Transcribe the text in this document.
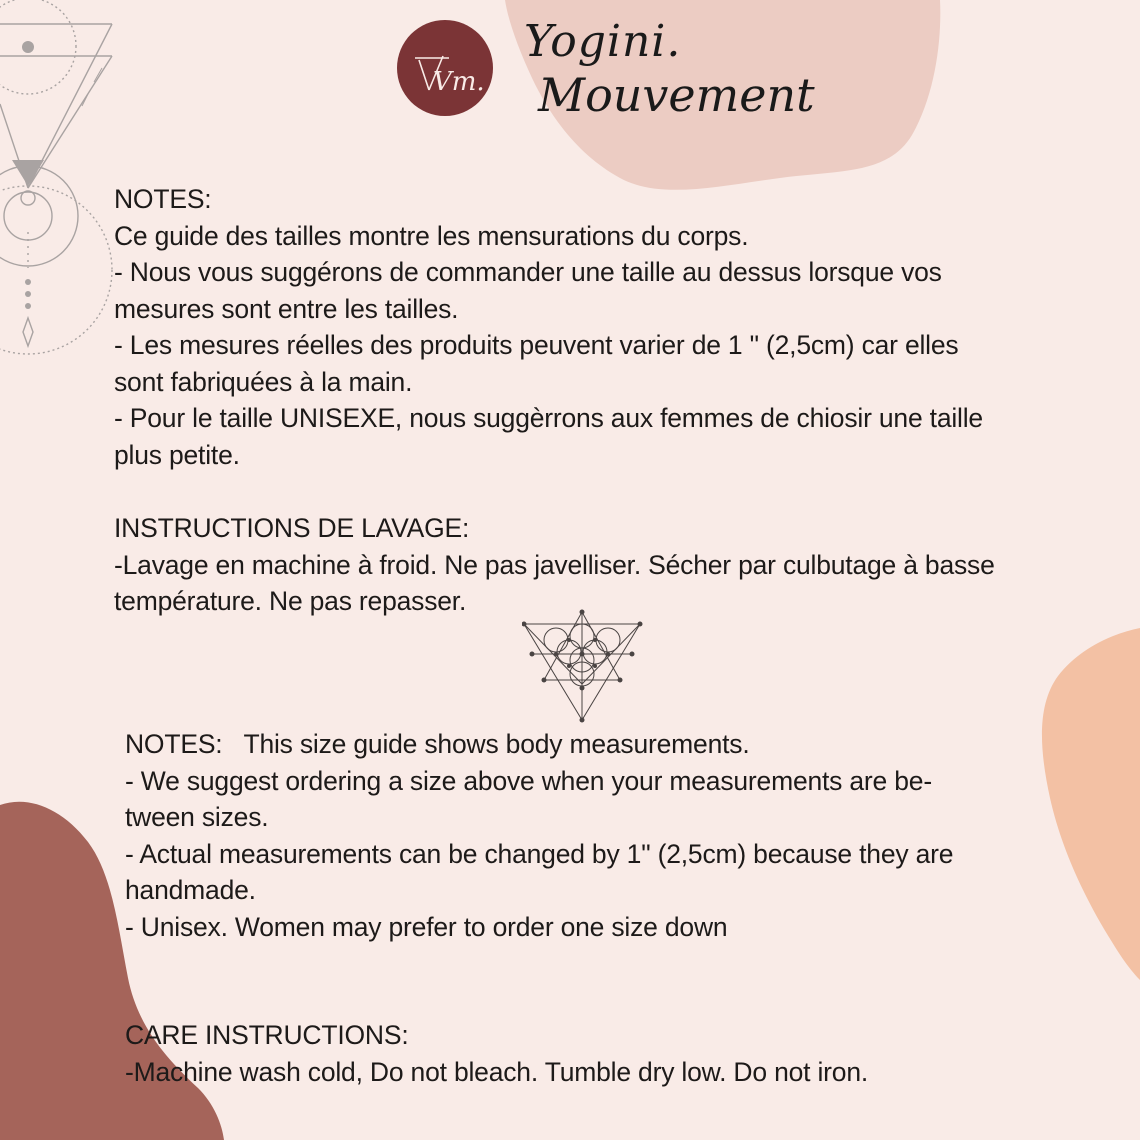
Vm.
Yogini.
Mouvement

NOTES:

Ce guide des tailles montre les mensurations du corps.

- Nous vous suggérons de commander une taille au dessus lorsque vos

mesures sont entre les tailles.

- Les mesures réelles des produits peuvent varier de 1 " (2,5cm) car elles

sont fabriquées à la main.

- Pour le taille UNISEXE, nous suggèrrons aux femmes de chiosir une taille

plus petite.

INSTRUCTIONS DE LAVAGE:

-Lavage en machine à froid. Ne pas javelliser. Sécher par culbutage à basse

température. Ne pas repasser.

NOTES:   This size guide shows body measurements.

- We suggest ordering a size above when your measurements are be-

tween sizes.

- Actual measurements can be changed by 1" (2,5cm) because they are

handmade.

- Unisex. Women may prefer to order one size down

CARE INSTRUCTIONS:

-Machine wash cold, Do not bleach. Tumble dry low. Do not iron.
